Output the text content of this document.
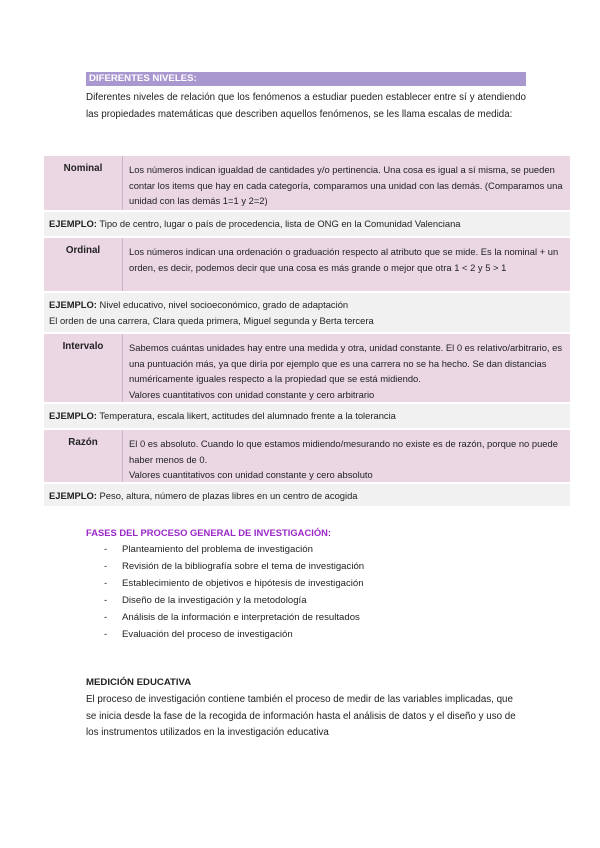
DIFERENTES NIVELES:

Diferentes niveles de relación que los fenómenos a estudiar pueden establecer entre sí y atendiendo las propiedades matemáticas que describen aquellos fenómenos, se les llama escalas de medida:

Nominal	Los números indican igualdad de cantidades y/o pertinencia. Una cosa es igual a sí misma, se pueden contar los items que hay en cada categoría, comparamos una unidad con las demás. (Comparamos una unidad con las demás 1=1 y 2=2)
EJEMPLO: Tipo de centro, lugar o país de procedencia, lista de ONG en la Comunidad Valenciana
Ordinal	Los números indican una ordenación o graduación respecto al atributo que se mide. Es la nominal + un orden, es decir, podemos decir que una cosa es más grande o mejor que otra 1 < 2 y 5 > 1
EJEMPLO: Nivel educativo, nivel socioeconómico, grado de adaptación
El orden de una carrera, Clara queda primera, Miguel segunda y Berta tercera
Intervalo	Sabemos cuántas unidades hay entre una medida y otra, unidad constante. El 0 es relativo/arbitrario, es una puntuación más, ya que diría por ejemplo que es una carrera no se ha hecho. Se dan distancias numéricamente iguales respecto a la propiedad que se está midiendo.
Valores cuantitativos con unidad constante y cero arbitrario
EJEMPLO: Temperatura, escala likert, actitudes del alumnado frente a la tolerancia
Razón	El 0 es absoluto. Cuando lo que estamos midiendo/mesurando no existe es de razón, porque no puede haber menos de 0.
Valores cuantitativos con unidad constante y cero absoluto
EJEMPLO: Peso, altura, número de plazas libres en un centro de acogida
FASES DEL PROCESO GENERAL DE INVESTIGACIÓN:
- Planteamiento del problema de investigación
- Revisión de la bibliografía sobre el tema de investigación
- Establecimiento de objetivos e hipótesis de investigación
- Diseño de la investigación y la metodología
- Análisis de la información e interpretación de resultados
- Evaluación del proceso de investigación
MEDICIÓN EDUCATIVA

El proceso de investigación contiene también el proceso de medir de las variables implicadas, que se inicia desde la fase de la recogida de información hasta el análisis de datos y el diseño y uso de los instrumentos utilizados en la investigación educativa
